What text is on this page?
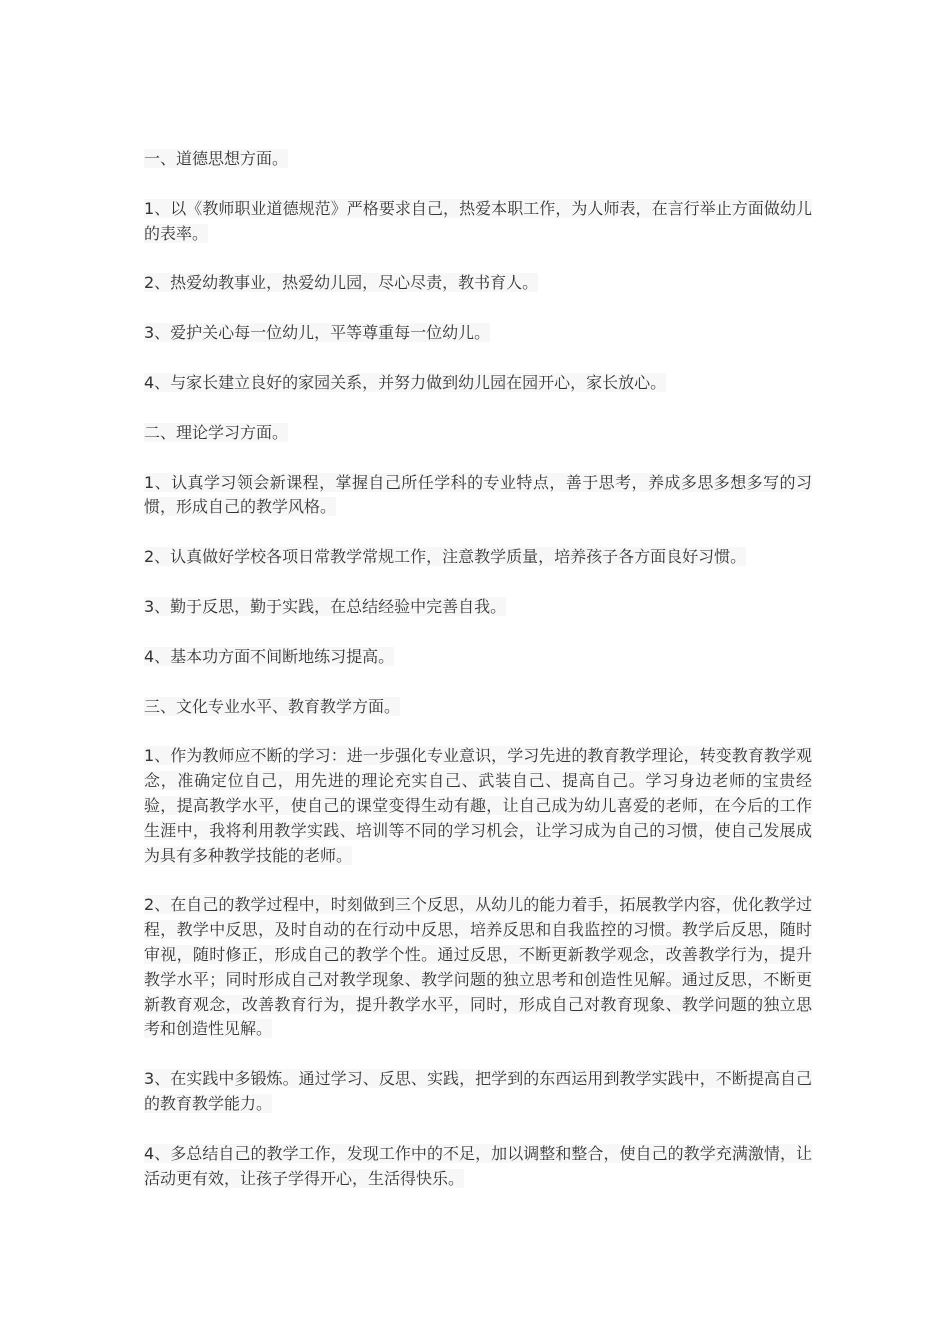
一、道德思想方面。

1、以《教师职业道德规范》严格要求自己，热爱本职工作，为人师表，在言行举止方面做幼儿的表率。

2、热爱幼教事业，热爱幼儿园，尽心尽责，教书育人。

3、爱护关心每一位幼儿，平等尊重每一位幼儿。

4、与家长建立良好的家园关系，并努力做到幼儿园在园开心，家长放心。

二、理论学习方面。

1、认真学习领会新课程，掌握自己所任学科的专业特点，善于思考，养成多思多想多写的习惯，形成自己的教学风格。

2、认真做好学校各项日常教学常规工作，注意教学质量，培养孩子各方面良好习惯。

3、勤于反思，勤于实践，在总结经验中完善自我。

4、基本功方面不间断地练习提高。

三、文化专业水平、教育教学方面。

1、作为教师应不断的学习：进一步强化专业意识，学习先进的教育教学理论，转变教育教学观念，准确定位自己，用先进的理论充实自己、武装自己、提高自己。学习身边老师的宝贵经验，提高教学水平，使自己的课堂变得生动有趣，让自己成为幼儿喜爱的老师，在今后的工作生涯中，我将利用教学实践、培训等不同的学习机会，让学习成为自己的习惯，使自己发展成为具有多种教学技能的老师。

2、在自己的教学过程中，时刻做到三个反思，从幼儿的能力着手，拓展教学内容，优化教学过程，教学中反思，及时自动的在行动中反思，培养反思和自我监控的习惯。教学后反思，随时审视，随时修正，形成自己的教学个性。通过反思，不断更新教学观念，改善教学行为，提升教学水平；同时形成自己对教学现象、教学问题的独立思考和创造性见解。通过反思，不断更新教育观念，改善教育行为，提升教学水平，同时，形成自己对教育现象、教学问题的独立思考和创造性见解。

3、在实践中多锻炼。通过学习、反思、实践，把学到的东西运用到教学实践中，不断提高自己的教育教学能力。

4、多总结自己的教学工作，发现工作中的不足，加以调整和整合，使自己的教学充满激情，让活动更有效，让孩子学得开心，生活得快乐。
